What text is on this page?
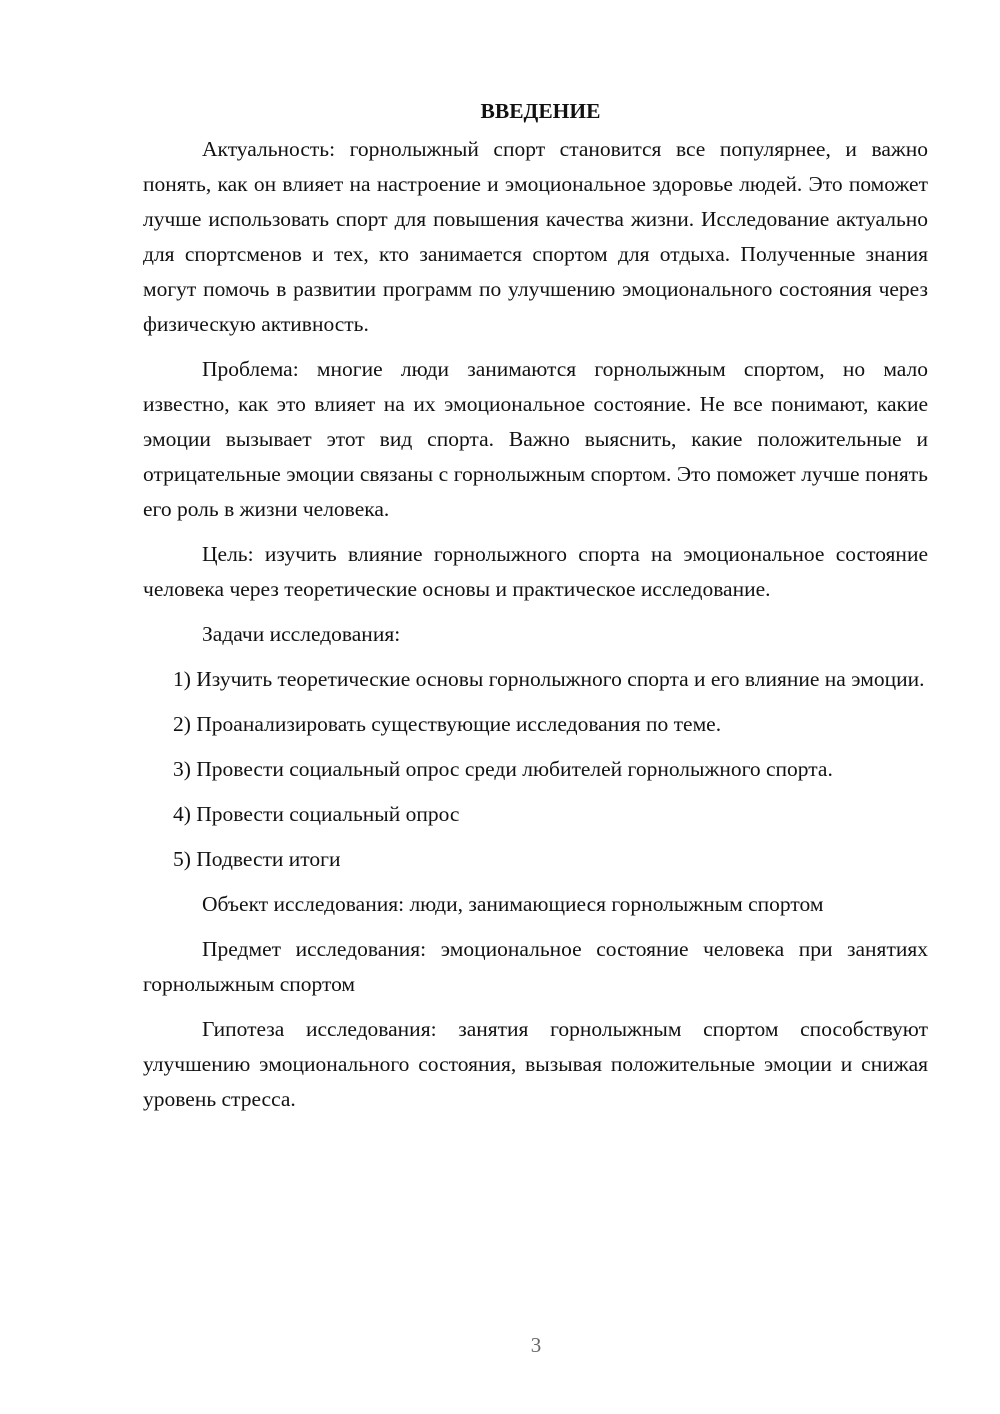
ВВЕДЕНИЕ

Актуальность: горнолыжный спорт становится все популярнее, и важно понять, как он влияет на настроение и эмоциональное здоровье людей. Это поможет лучше использовать спорт для повышения качества жизни. Исследование актуально для спортсменов и тех, кто занимается спортом для отдыха. Полученные знания могут помочь в развитии программ по улучшению эмоционального состояния через физическую активность.

Проблема: многие люди занимаются горнолыжным спортом, но мало известно, как это влияет на их эмоциональное состояние. Не все понимают, какие эмоции вызывает этот вид спорта. Важно выяснить, какие положительные и отрицательные эмоции связаны с горнолыжным спортом. Это поможет лучше понять его роль в жизни человека.

Цель: изучить влияние горнолыжного спорта на эмоциональное состояние человека через теоретические основы и практическое исследование.

Задачи исследования:

1) Изучить теоретические основы горнолыжного спорта и его влияние на эмоции.

2) Проанализировать существующие исследования по теме.

3) Провести социальный опрос среди любителей горнолыжного спорта.

4) Провести социальный опрос

5) Подвести итоги

Объект исследования: люди, занимающиеся горнолыжным спортом

Предмет исследования: эмоциональное состояние человека при занятиях горнолыжным спортом

Гипотеза исследования: занятия горнолыжным спортом способствуют улучшению эмоционального состояния, вызывая положительные эмоции и снижая уровень стресса.

3
